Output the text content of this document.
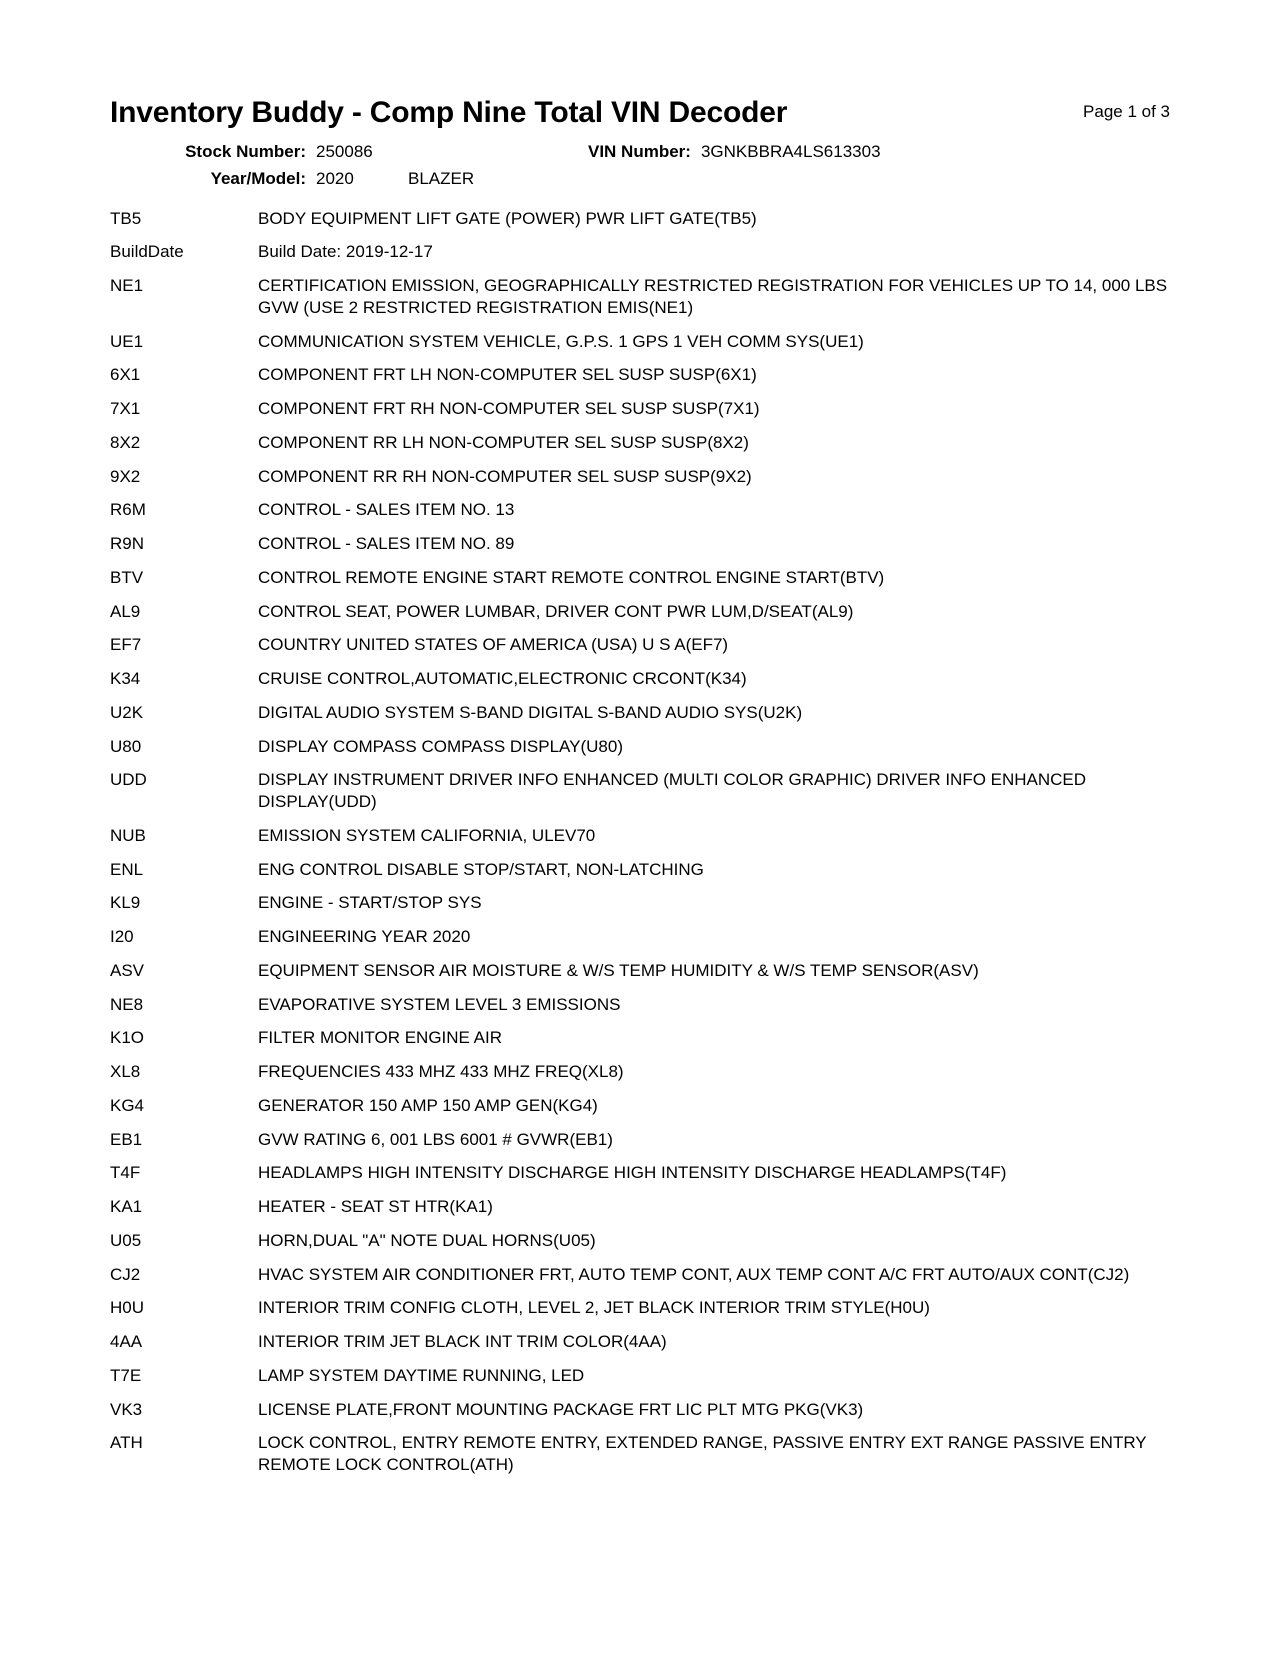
Inventory Buddy - Comp Nine Total VIN Decoder	Page 1 of 3
Stock Number: 250086	VIN Number: 3GNKBBRA4LS613303
Year/Model: 2020	BLAZER
TB5	BODY EQUIPMENT LIFT GATE (POWER) PWR LIFT GATE(TB5)
BuildDate	Build Date: 2019-12-17
NE1	CERTIFICATION EMISSION, GEOGRAPHICALLY RESTRICTED REGISTRATION FOR VEHICLES UP TO 14, 000 LBS GVW (USE 2 RESTRICTED REGISTRATION EMIS(NE1)
UE1	COMMUNICATION SYSTEM VEHICLE, G.P.S. 1 GPS 1 VEH COMM SYS(UE1)
6X1	COMPONENT FRT LH NON-COMPUTER SEL SUSP SUSP(6X1)
7X1	COMPONENT FRT RH NON-COMPUTER SEL SUSP SUSP(7X1)
8X2	COMPONENT RR LH NON-COMPUTER SEL SUSP SUSP(8X2)
9X2	COMPONENT RR RH NON-COMPUTER SEL SUSP SUSP(9X2)
R6M	CONTROL - SALES ITEM NO. 13
R9N	CONTROL - SALES ITEM NO. 89
BTV	CONTROL REMOTE ENGINE START REMOTE CONTROL ENGINE START(BTV)
AL9	CONTROL SEAT, POWER LUMBAR, DRIVER CONT PWR LUM,D/SEAT(AL9)
EF7	COUNTRY UNITED STATES OF AMERICA (USA) U S A(EF7)
K34	CRUISE CONTROL,AUTOMATIC,ELECTRONIC CRCONT(K34)
U2K	DIGITAL AUDIO SYSTEM S-BAND DIGITAL S-BAND AUDIO SYS(U2K)
U80	DISPLAY COMPASS COMPASS DISPLAY(U80)
UDD	DISPLAY INSTRUMENT DRIVER INFO ENHANCED (MULTI COLOR GRAPHIC) DRIVER INFO ENHANCED DISPLAY(UDD)
NUB	EMISSION SYSTEM CALIFORNIA, ULEV70
ENL	ENG CONTROL DISABLE STOP/START, NON-LATCHING
KL9	ENGINE - START/STOP SYS
I20	ENGINEERING YEAR 2020
ASV	EQUIPMENT SENSOR AIR MOISTURE & W/S TEMP HUMIDITY & W/S TEMP SENSOR(ASV)
NE8	EVAPORATIVE SYSTEM LEVEL 3 EMISSIONS
K1O	FILTER MONITOR ENGINE AIR
XL8	FREQUENCIES 433 MHZ 433 MHZ FREQ(XL8)
KG4	GENERATOR 150 AMP 150 AMP GEN(KG4)
EB1	GVW RATING 6, 001 LBS 6001 # GVWR(EB1)
T4F	HEADLAMPS HIGH INTENSITY DISCHARGE HIGH INTENSITY DISCHARGE HEADLAMPS(T4F)
KA1	HEATER - SEAT ST HTR(KA1)
U05	HORN,DUAL "A" NOTE DUAL HORNS(U05)
CJ2	HVAC SYSTEM AIR CONDITIONER FRT, AUTO TEMP CONT, AUX TEMP CONT A/C FRT AUTO/AUX CONT(CJ2)
H0U	INTERIOR TRIM CONFIG CLOTH, LEVEL 2, JET BLACK INTERIOR TRIM STYLE(H0U)
4AA	INTERIOR TRIM JET BLACK INT TRIM COLOR(4AA)
T7E	LAMP SYSTEM DAYTIME RUNNING, LED
VK3	LICENSE PLATE,FRONT MOUNTING PACKAGE FRT LIC PLT MTG PKG(VK3)
ATH	LOCK CONTROL, ENTRY REMOTE ENTRY, EXTENDED RANGE, PASSIVE ENTRY EXT RANGE PASSIVE ENTRY REMOTE LOCK CONTROL(ATH)
